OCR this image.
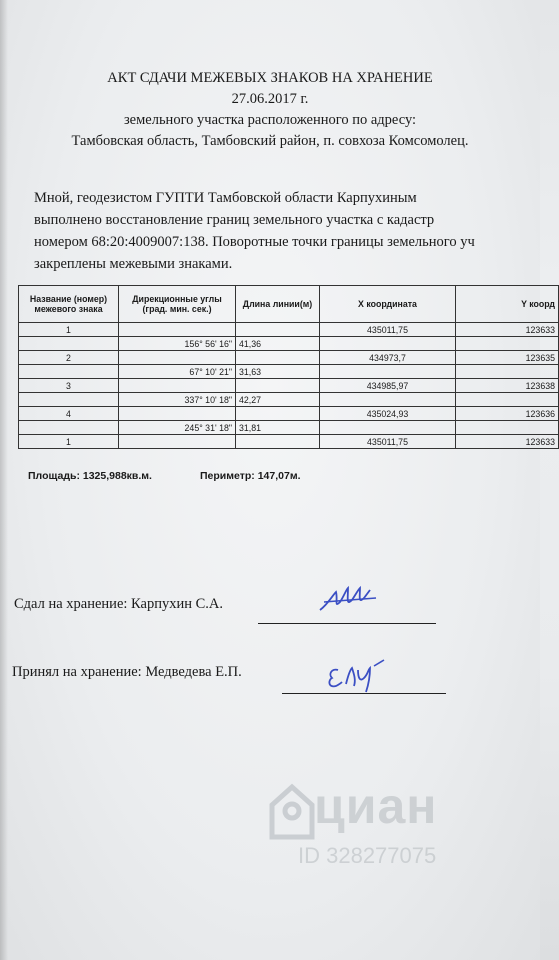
АКТ СДАЧИ МЕЖЕВЫХ ЗНАКОВ НА ХРАНЕНИЕ
27.06.2017 г.
земельного участка расположенного по адресу:
Тамбовская область, Тамбовский район, п. совхоза Комсомолец.
Мной, геодезистом ГУПТИ Тамбовской области Карпухиным
выполнено восстановление границ земельного участка с кадастр
номером 68:20:4009007:138. Поворотные точки границы земельного уч
закреплены межевыми знаками.
Название (номер) межевого знака	Дирекционные углы (град. мин. сек.)	Длина линии(м)	X координата	Y коорд
1			435011,75	123633
	156° 56' 16"	41,36		
2			434973,7	123635
	67° 10' 21"	31,63		
3			434985,97	123638
	337° 10' 18"	42,27		
4			435024,93	123636
	245° 31' 18"	31,81		
1			435011,75	123633
Площадь: 1325,988кв.м.	Периметр: 147,07м.
Сдал на хранение: Карпухин С.А.
Принял на хранение: Медведева Е.П.
циан
ID 328277075
